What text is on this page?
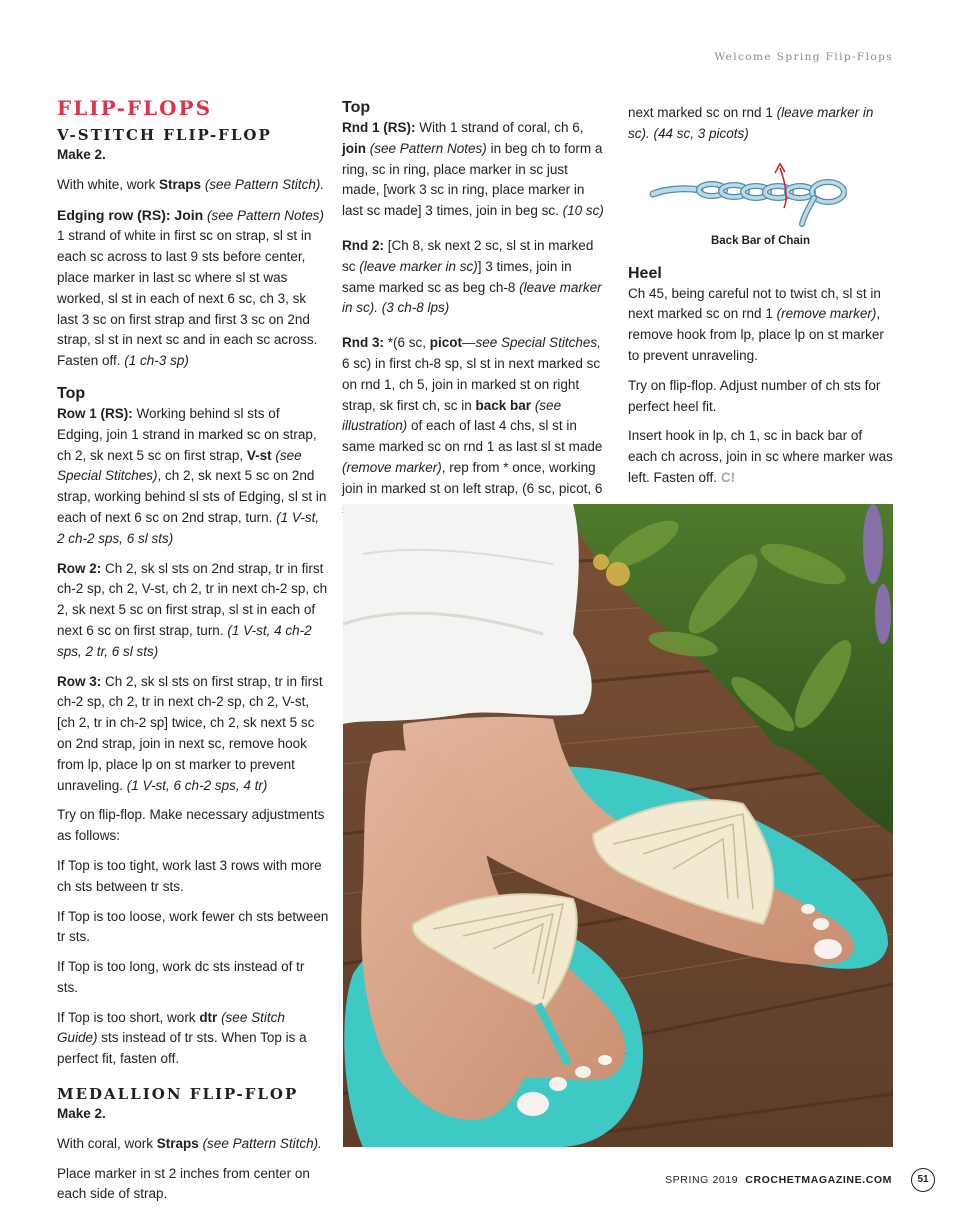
Welcome Spring Flip-Flops
FLIP-FLOPS
V-STITCH FLIP-FLOP
Make 2.

With white, work Straps (see Pattern Stitch).

Edging row (RS): Join (see Pattern Notes) 1 strand of white in first sc on strap, sl st in each sc across to last 9 sts before center, place marker in last sc where sl st was worked, sl st in each of next 6 sc, ch 3, sk last 3 sc on first strap and first 3 sc on 2nd strap, sl st in next sc and in each sc across. Fasten off. (1 ch-3 sp)

Top

Row 1 (RS): Working behind sl sts of Edging, join 1 strand in marked sc on strap, ch 2, sk next 5 sc on first strap, V-st (see Special Stitches), ch 2, sk next 5 sc on 2nd strap, working behind sl sts of Edging, sl st in each of next 6 sc on 2nd strap, turn. (1 V-st, 2 ch-2 sps, 6 sl sts)

Row 2: Ch 2, sk sl sts on 2nd strap, tr in first ch-2 sp, ch 2, V-st, ch 2, tr in next ch-2 sp, ch 2, sk next 5 sc on first strap, sl st in each of next 6 sc on first strap, turn. (1 V-st, 4 ch-2 sps, 2 tr, 6 sl sts)

Row 3: Ch 2, sk sl sts on first strap, tr in first ch-2 sp, ch 2, tr in next ch-2 sp, ch 2, V-st, [ch 2, tr in ch-2 sp] twice, ch 2, sk next 5 sc on 2nd strap, join in next sc, remove hook from lp, place lp on st marker to prevent unraveling. (1 V-st, 6 ch-2 sps, 4 tr)

Try on flip-flop. Make necessary adjustments as follows:

If Top is too tight, work last 3 rows with more ch sts between tr sts.

If Top is too loose, work fewer ch sts between tr sts.

If Top is too long, work dc sts instead of tr sts.

If Top is too short, work dtr (see Stitch Guide) sts instead of tr sts. When Top is a perfect fit, fasten off.

MEDALLION FLIP-FLOP
Make 2.

With coral, work Straps (see Pattern Stitch).

Place marker in st 2 inches from center on each side of strap.

Top

Rnd 1 (RS): With 1 strand of coral, ch 6, join (see Pattern Notes) in beg ch to form a ring, sc in ring, place marker in sc just made, [work 3 sc in ring, place marker in last sc made] 3 times, join in beg sc. (10 sc)

Rnd 2: [Ch 8, sk next 2 sc, sl st in marked sc (leave marker in sc)] 3 times, join in same marked sc as beg ch-8 (leave marker in sc). (3 ch-8 lps)

Rnd 3: *(6 sc, picot—see Special Stitches, 6 sc) in first ch-8 sp, sl st in next marked sc on rnd 1, ch 5, join in marked st on right strap, sk first ch, sc in back bar (see illustration) of each of last 4 chs, sl st in same marked sc on rnd 1 as last sl st made (remove marker), rep from * once, working join in marked st on left strap, (6 sc, picot, 6

next marked sc on rnd 1 (leave marker in sc). (44 sc, 3 picots)

Back Bar of Chain
Heel

Ch 45, being careful not to twist ch, sl st in next marked sc on rnd 1 (remove marker), remove hook from lp, place lp on st marker to prevent unraveling.

Try on flip-flop. Adjust number of ch sts for perfect heel fit.

Insert hook in lp, ch 1, sc in back bar of each ch across, join in sc where marker was left. Fasten off. C!

SPRING 2019 CROCHETMAGAZINE.COM	51
